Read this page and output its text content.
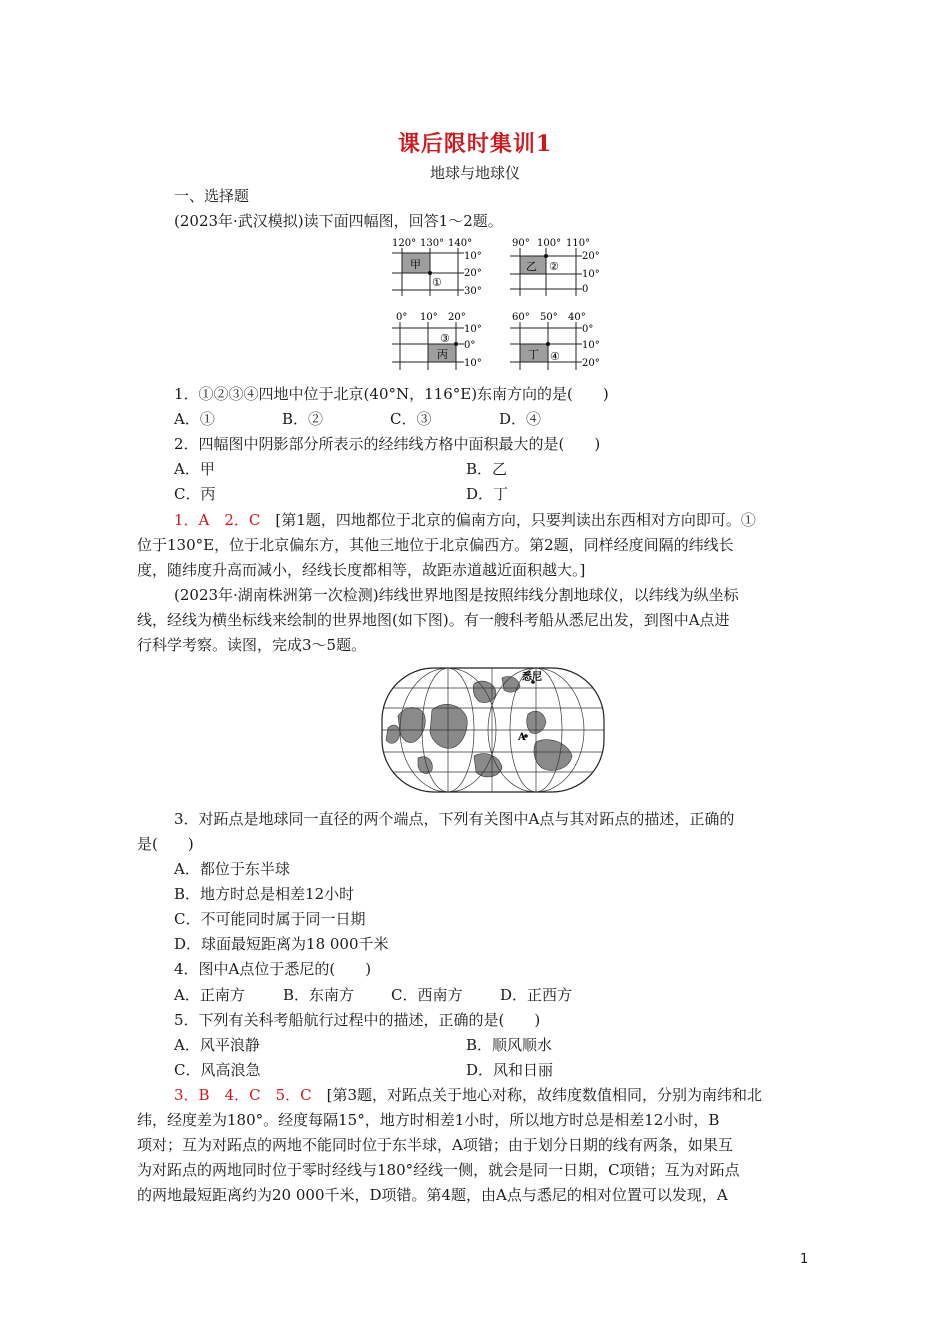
课后限时集训1
地球与地球仪
一、选择题
(2023年·武汉模拟)读下面四幅图，回答1～2题。
120° 130° 140°
甲
①
10°
20°
30°
90° 100° 110°
乙 ②
20°
10°
0
0° 10° 20°
丙
③
10°
0°
10°
60° 50° 40°
丁 ④
0°
10°
20°
1．①②③④四地中位于北京(40°N，116°E)东南方向的是(　　)
A．①	B．②	C．③	D．④
2．四幅图中阴影部分所表示的经纬线方格中面积最大的是(　　)
A．甲	B．乙
C．丙	D．丁
1．A　2．C　 [第1题，四地都位于北京的偏南方向，只要判读出东西相对方向即可。①
位于130°E，位于北京偏东方，其他三地位于北京偏西方。第2题，同样经度间隔的纬线长
度，随纬度升高而减小，经线长度都相等，故距赤道越近面积越大。]
(2023年·湖南株洲第一次检测)纬线世界地图是按照纬线分割地球仪，以纬线为纵坐标
线，经线为横坐标线来绘制的世界地图(如下图)。有一艘科考船从悉尼出发，到图中A点进
行科学考察。读图，完成3～5题。
悉尼
A
3．对跖点是地球同一直径的两个端点，下列有关图中A点与其对跖点的描述，正确的
是(　　)
A．都位于东半球
B．地方时总是相差12小时
C．不可能同时属于同一日期
D．球面最短距离为18 000千米
4．图中A点位于悉尼的(　　)
A．正南方	B．东南方 C．西南方	D．正西方
5．下列有关科考船航行过程中的描述，正确的是(　　)
A．风平浪静	B．顺风顺水
C．风高浪急	D．风和日丽
3．B　4．C　5．C　 [第3题，对跖点关于地心对称，故纬度数值相同，分别为南纬和北
纬，经度差为180°。经度每隔15°，地方时相差1小时，所以地方时总是相差12小时，B
项对；互为对跖点的两地不能同时位于东半球，A项错；由于划分日期的线有两条，如果互
为对跖点的两地同时位于零时经线与180°经线一侧，就会是同一日期，C项错；互为对跖点
的两地最短距离约为20 000千米，D项错。第4题，由A点与悉尼的相对位置可以发现，A
1
